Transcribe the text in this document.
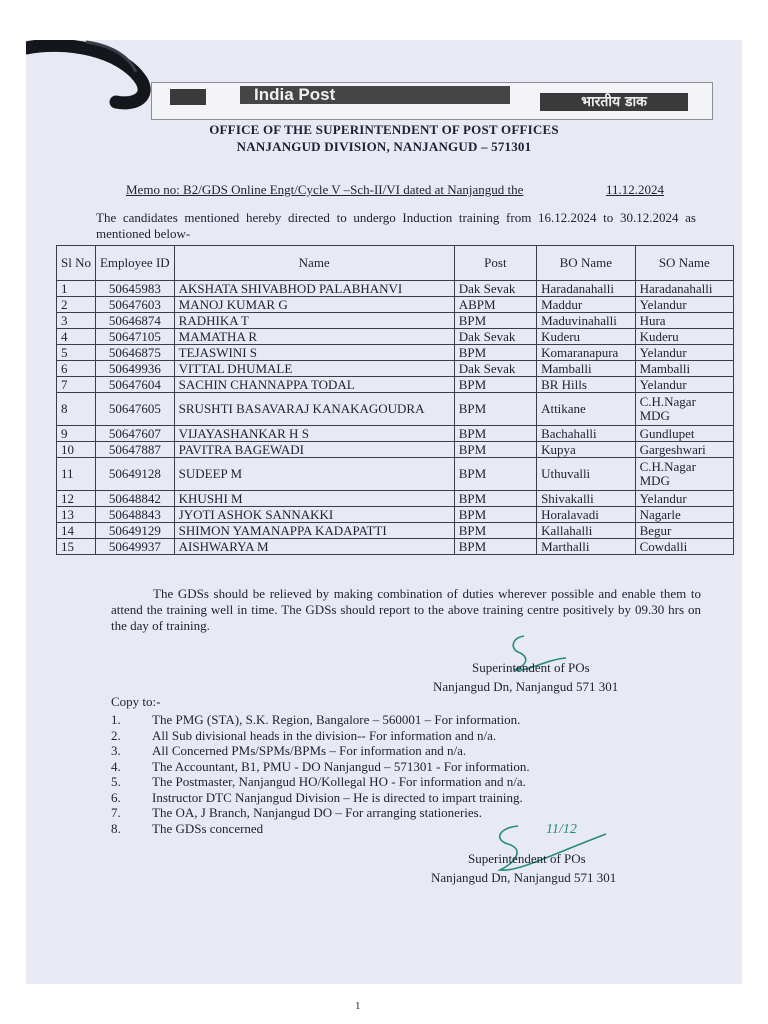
India Post	भारतीय डाक
OFFICE OF THE SUPERINTENDENT OF POST OFFICES
NANJANGUD DIVISION, NANJANGUD – 571301
Memo no: B2/GDS Online Engt/Cycle V –Sch-II/VI dated at Nanjangud the	11.12.2024
The candidates mentioned hereby directed to undergo Induction training from 16.12.2024 to 30.12.2024 as mentioned below-
Sl No	Employee ID	Name	Post	BO Name	SO Name
1	50645983	AKSHATA SHIVABHOD PALABHANVI	Dak Sevak	Haradanahalli	Haradanahalli
2	50647603	MANOJ KUMAR G	ABPM	Maddur	Yelandur
3	50646874	RADHIKA T	BPM	Maduvinahalli	Hura
4	50647105	MAMATHA R	Dak Sevak	Kuderu	Kuderu
5	50646875	TEJASWINI S	BPM	Komaranapura	Yelandur
6	50649936	VITTAL DHUMALE	Dak Sevak	Mamballi	Mamballi
7	50647604	SACHIN CHANNAPPA TODAL	BPM	BR Hills	Yelandur
8	50647605	SRUSHTI BASAVARAJ KANAKAGOUDRA	BPM	Attikane	C.H.Nagar MDG
9	50647607	VIJAYASHANKAR H S	BPM	Bachahalli	Gundlupet
10	50647887	PAVITRA BAGEWADI	BPM	Kupya	Gargeshwari
11	50649128	SUDEEP M	BPM	Uthuvalli	C.H.Nagar MDG
12	50648842	KHUSHI M	BPM	Shivakalli	Yelandur
13	50648843	JYOTI ASHOK SANNAKKI	BPM	Horalavadi	Nagarle
14	50649129	SHIMON YAMANAPPA KADAPATTI	BPM	Kallahalli	Begur
15	50649937	AISHWARYA M	BPM	Marthalli	Cowdalli
The GDSs should be relieved by making combination of duties wherever possible and enable them to attend the training well in time. The GDSs should report to the above training centre positively by 09.30 hrs on the day of training.
Superintendent of POs
Nanjangud Dn, Nanjangud 571 301
Copy to:-
1.	The PMG (STA), S.K. Region, Bangalore – 560001 – For information.
2.	All Sub divisional heads in the division-- For information and n/a.
3.	All Concerned PMs/SPMs/BPMs – For information and n/a.
4.	The Accountant, B1, PMU - DO Nanjangud – 571301 - For information.
5.	The Postmaster, Nanjangud HO/Kollegal HO - For information and n/a.
6.	Instructor DTC Nanjangud Division – He is directed to impart training.
7.	The OA, J Branch, Nanjangud DO – For arranging stationeries.
8.	The GDSs concerned	11/12
Superintendent of POs
Nanjangud Dn, Nanjangud 571 301
1
